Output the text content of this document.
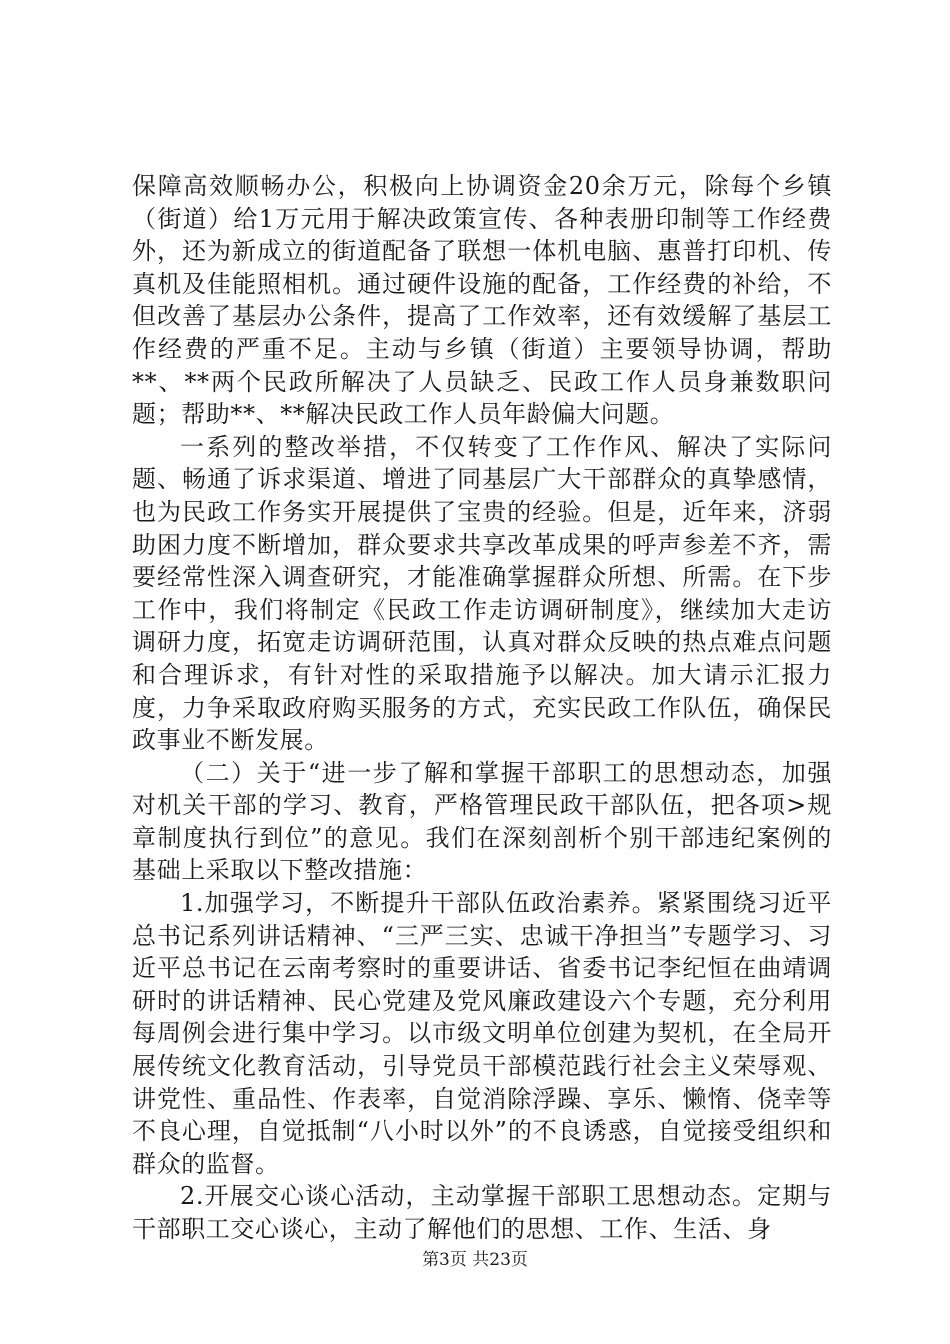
保障高效顺畅办公，积极向上协调资金20余万元，除每个乡镇（街道）给1万元用于解决政策宣传、各种表册印制等工作经费外，还为新成立的街道配备了联想一体机电脑、惠普打印机、传真机及佳能照相机。通过硬件设施的配备，工作经费的补给，不但改善了基层办公条件，提高了工作效率，还有效缓解了基层工作经费的严重不足。主动与乡镇（街道）主要领导协调，帮助**、**两个民政所解决了人员缺乏、民政工作人员身兼数职问题；帮助**、**解决民政工作人员年龄偏大问题。

一系列的整改举措，不仅转变了工作作风、解决了实际问题、畅通了诉求渠道、增进了同基层广大干部群众的真挚感情，也为民政工作务实开展提供了宝贵的经验。但是，近年来，济弱助困力度不断增加，群众要求共享改革成果的呼声参差不齐，需要经常性深入调查研究，才能准确掌握群众所想、所需。在下步工作中，我们将制定《民政工作走访调研制度》，继续加大走访调研力度，拓宽走访调研范围，认真对群众反映的热点难点问题和合理诉求，有针对性的采取措施予以解决。加大请示汇报力度，力争采取政府购买服务的方式，充实民政工作队伍，确保民政事业不断发展。

（二）关于“进一步了解和掌握干部职工的思想动态，加强对机关干部的学习、教育，严格管理民政干部队伍，把各项>规章制度执行到位”的意见。我们在深刻剖析个别干部违纪案例的基础上采取以下整改措施：

1.加强学习，不断提升干部队伍政治素养。紧紧围绕习近平总书记系列讲话精神、“三严三实、忠诚干净担当”专题学习、习近平总书记在云南考察时的重要讲话、省委书记李纪恒在曲靖调研时的讲话精神、民心党建及党风廉政建设六个专题，充分利用每周例会进行集中学习。以市级文明单位创建为契机，在全局开展传统文化教育活动，引导党员干部模范践行社会主义荣辱观、讲党性、重品性、作表率，自觉消除浮躁、享乐、懒惰、侥幸等不良心理，自觉抵制“八小时以外”的不良诱惑，自觉接受组织和群众的监督。

2.开展交心谈心活动，主动掌握干部职工思想动态。定期与干部职工交心谈心，主动了解他们的思想、工作、生活、身

第3页 共23页
